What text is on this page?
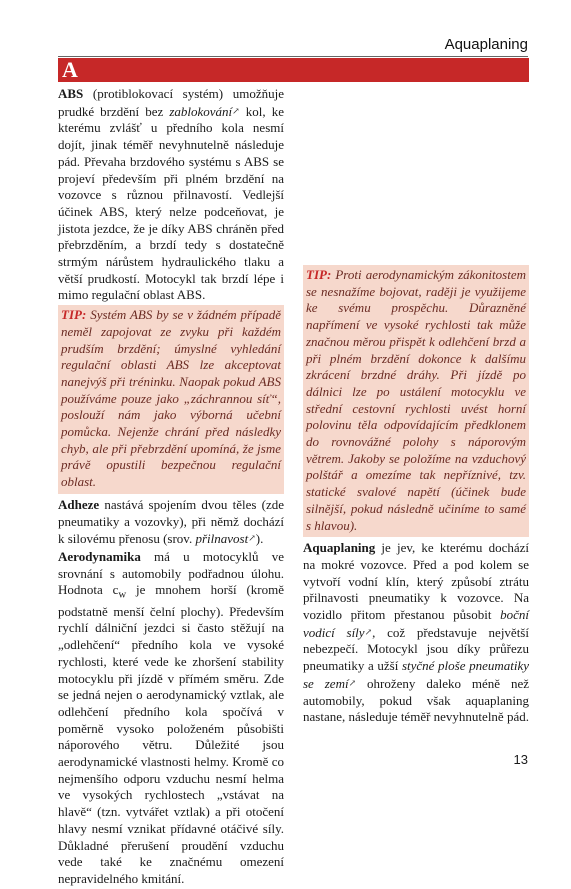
Aquaplaning
A

ABS (protiblokovací systém) umožňuje prudké brzdění bez zablokování↗ kol, ke kterému zvlášť u předního kola nesmí dojít, jinak téměř nevyhnutelně následuje pád. Převaha brzdového systému s ABS se projeví především při plném brzdění na vozovce s různou přilnavostí. Vedlejší účinek ABS, který nelze podceňovat, je jistota jezdce, že je díky ABS chráněn před přebrzděním, a brzdí tedy s dostatečně strmým nárůstem hydraulického tlaku a větší prudkostí. Motocykl tak brzdí lépe i mimo regulační oblast ABS.

TIP: Systém ABS by se v žádném případě neměl zapojovat ze zvyku při každém prudším brzdění; úmyslné vyhledání regulační oblasti ABS lze akceptovat nanejvýš při tréninku. Naopak pokud ABS používáme pouze jako „záchrannou síť“, poslouží nám jako výborná učební pomůcka. Nejenže chrání před následky chyb, ale při přebrzdění upomíná, že jsme právě opustili bezpečnou regulační oblast.

Adheze nastává spojením dvou těles (zde pneumatiky a vozovky), při němž dochází k silovému přenosu (srov. přilnavost↗).

Aerodynamika má u motocyklů ve srovnání s automobily podřadnou úlohu. Hodnota $c_w$ je mnohem horší (kromě podstatně menší čelní plochy). Především rychlí dálniční jezdci si často stěžují na „odlehčení“ předního kola ve vysoké rychlosti, které vede ke zhoršení stability motocyklu při jízdě v přímém směru. Zde se jedná nejen o aerodynamický vztlak, ale odlehčení předního kola spočívá v poměrně vysoko položeném působišti náporového větru. Důležité jsou aerodynamické vlastnosti helmy. Kromě co nejmenšího odporu vzduchu nesmí helma ve vysokých rychlostech „vstávat na hlavě“ (tzn. vytvářet vztlak) a při otočení hlavy nesmí vznikat přídavné otáčivé síly. Důkladné přerušení proudění vzduchu vede také ke značnému omezení nepravidelného kmitání.

TIP: Proti aerodynamickým zákonitostem se nesnažíme bojovat, raději je využijeme ke svému prospěchu. Důrazněné napřímení ve vysoké rychlosti tak může značnou měrou přispět k odlehčení brzd a při plném brzdění dokonce k dalšímu zkrácení brzdné dráhy. Při jízdě po dálnici lze po ustálení motocyklu ve střední cestovní rychlosti uvést horní polovinu těla odpovídajícím předklonem do rovnovážné polohy s náporovým větrem. Jakoby se položíme na vzduchový polštář a omezíme tak nepříznivé, tzv. statické svalové napětí (účinek bude silnější, pokud následně učiníme to samé s hlavou).

Aquaplaning je jev, ke kterému dochází na mokré vozovce. Před a pod kolem se vytvoří vodní klín, který způsobí ztrátu přilnavosti pneumatiky k vozovce. Na vozidlo přitom přestanou působit boční vodicí síly↗, což představuje největší nebezpečí. Motocykl jsou díky průřezu pneumatiky a užší styčné ploše pneumatiky se zemí↗ ohroženy daleko méně než automobily, pokud však aquaplaning nastane, následuje téměř nevyhnutelně pád.

13
